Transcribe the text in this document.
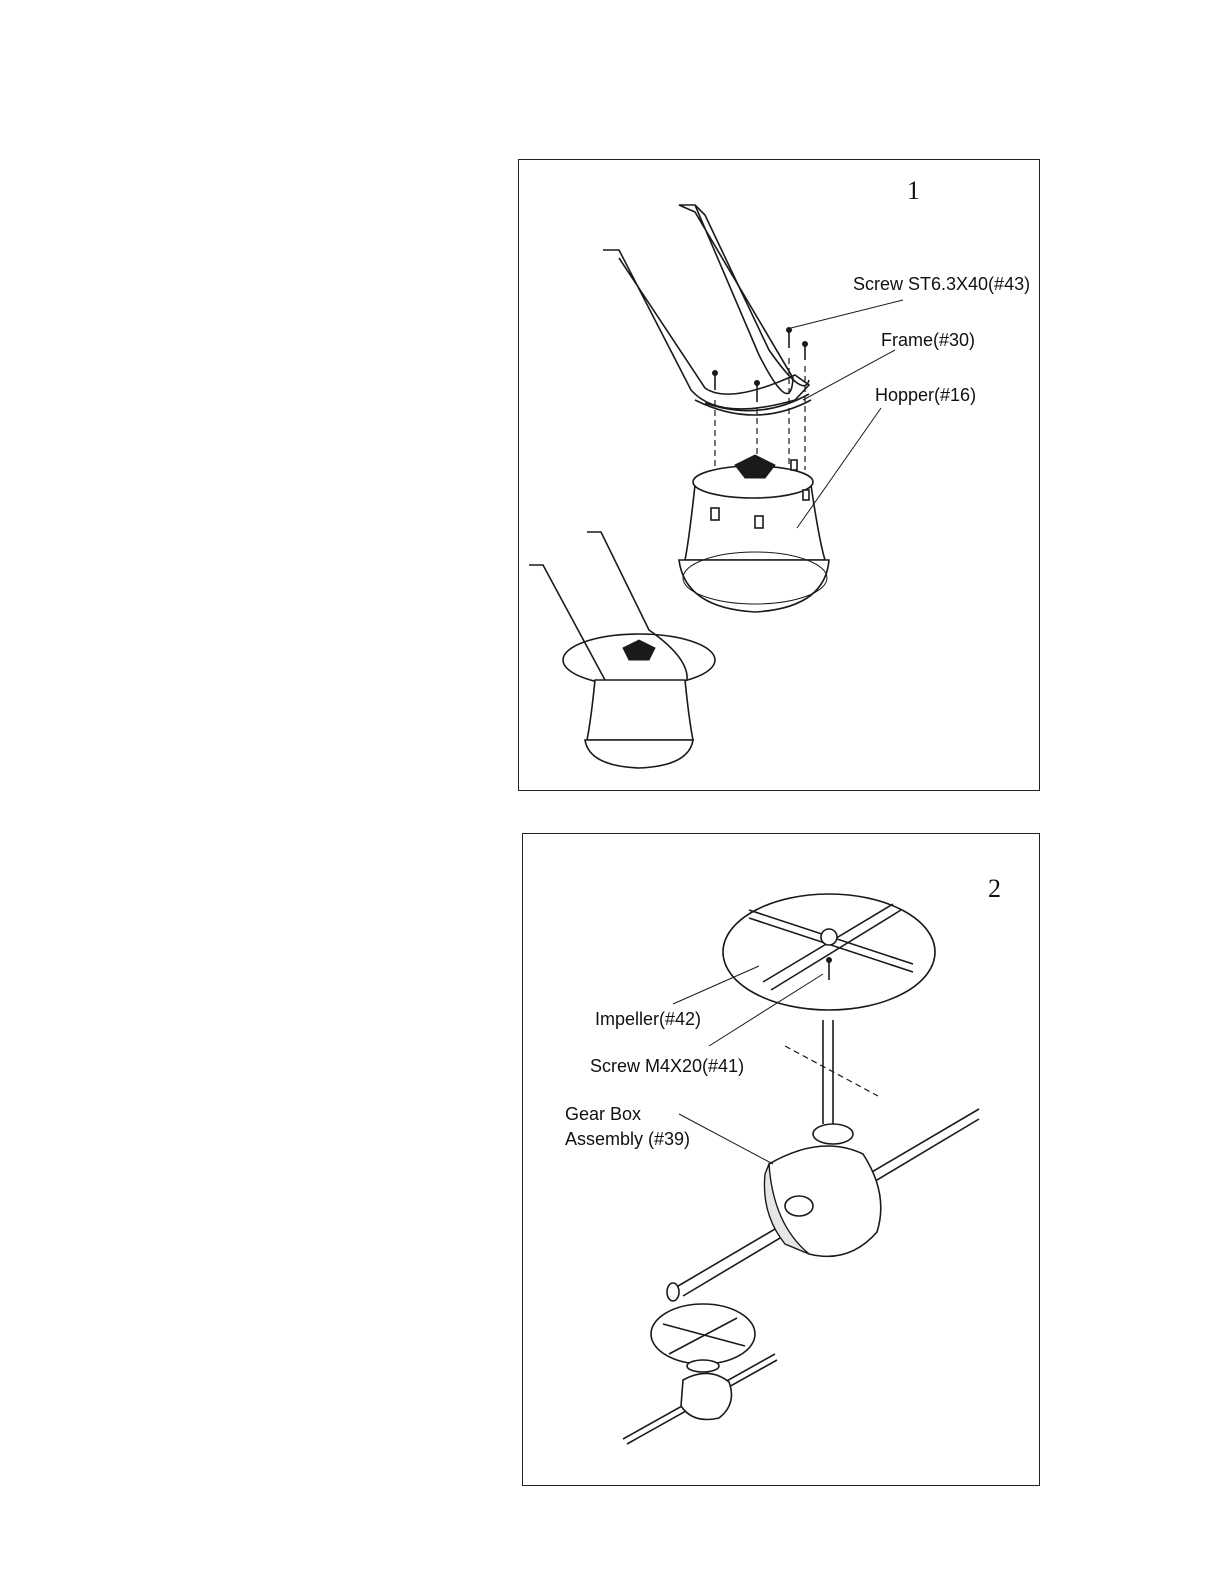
1
Screw ST6.3X40(#43)
Frame(#30)
Hopper(#16)
2
Impeller(#42)
Screw M4X20(#41)
Gear Box
Assembly (#39)
